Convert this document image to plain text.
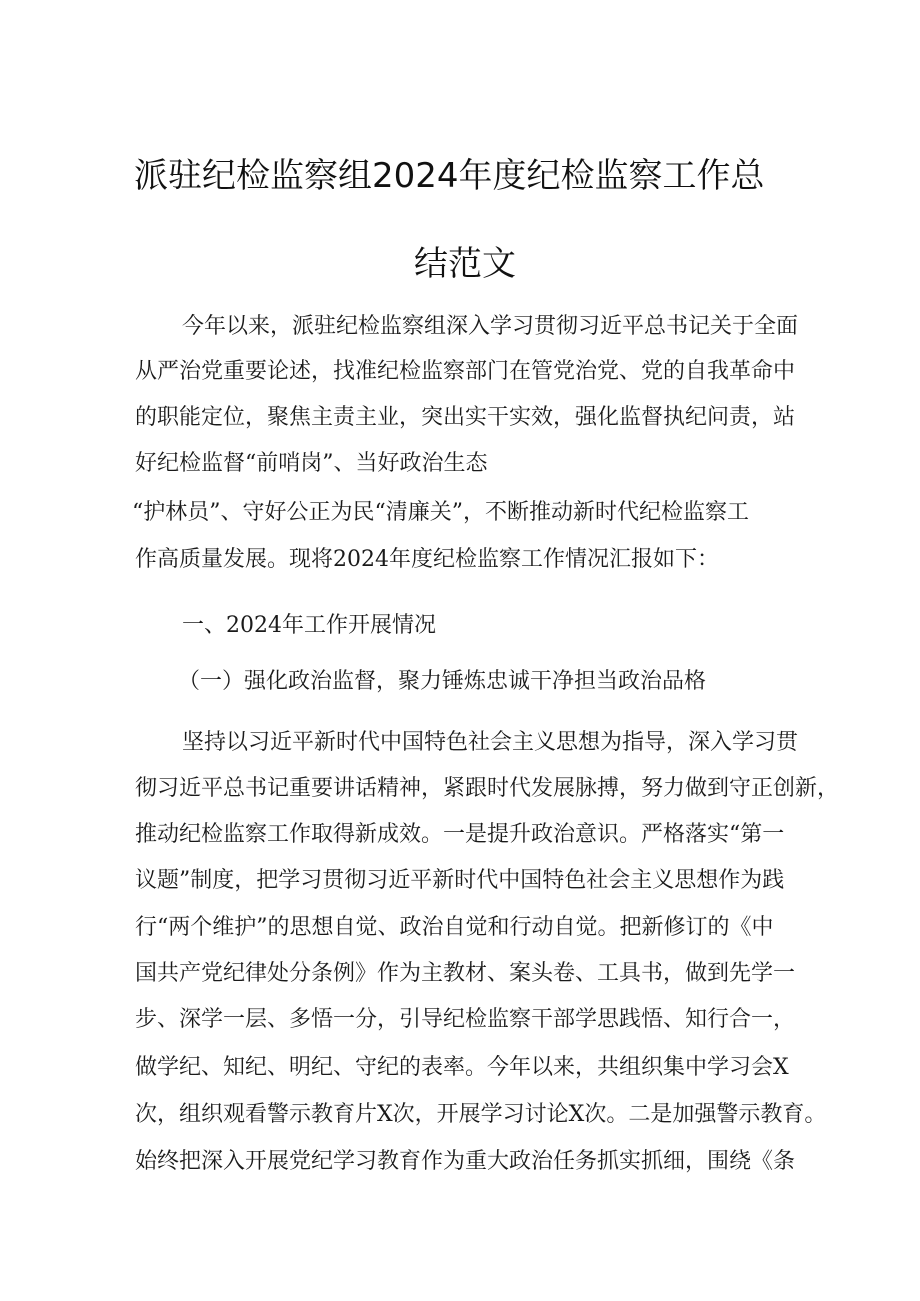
派驻纪检监察组2024年度纪检监察工作总
结范文
今年以来，派驻纪检监察组深入学习贯彻习近平总书记关于全面
从严治党重要论述，找准纪检监察部门在管党治党、党的自我革命中
的职能定位，聚焦主责主业，突出实干实效，强化监督执纪问责，站
好纪检监督“前哨岗”、当好政治生态
“护林员”、守好公正为民“清廉关”，不断推动新时代纪检监察工
作高质量发展。现将2024年度纪检监察工作情况汇报如下：
一、2024年工作开展情况
（一）强化政治监督，聚力锤炼忠诚干净担当政治品格
坚持以习近平新时代中国特色社会主义思想为指导，深入学习贯
彻习近平总书记重要讲话精神，紧跟时代发展脉搏，努力做到守正创新，
推动纪检监察工作取得新成效。一是提升政治意识。严格落实“第一
议题”制度，把学习贯彻习近平新时代中国特色社会主义思想作为践
行“两个维护”的思想自觉、政治自觉和行动自觉。把新修订的《中
国共产党纪律处分条例》作为主教材、案头卷、工具书，做到先学一
步、深学一层、多悟一分，引导纪检监察干部学思践悟、知行合一，
做学纪、知纪、明纪、守纪的表率。今年以来，共组织集中学习会X
次，组织观看警示教育片X次，开展学习讨论X次。二是加强警示教育。
始终把深入开展党纪学习教育作为重大政治任务抓实抓细，围绕《条
